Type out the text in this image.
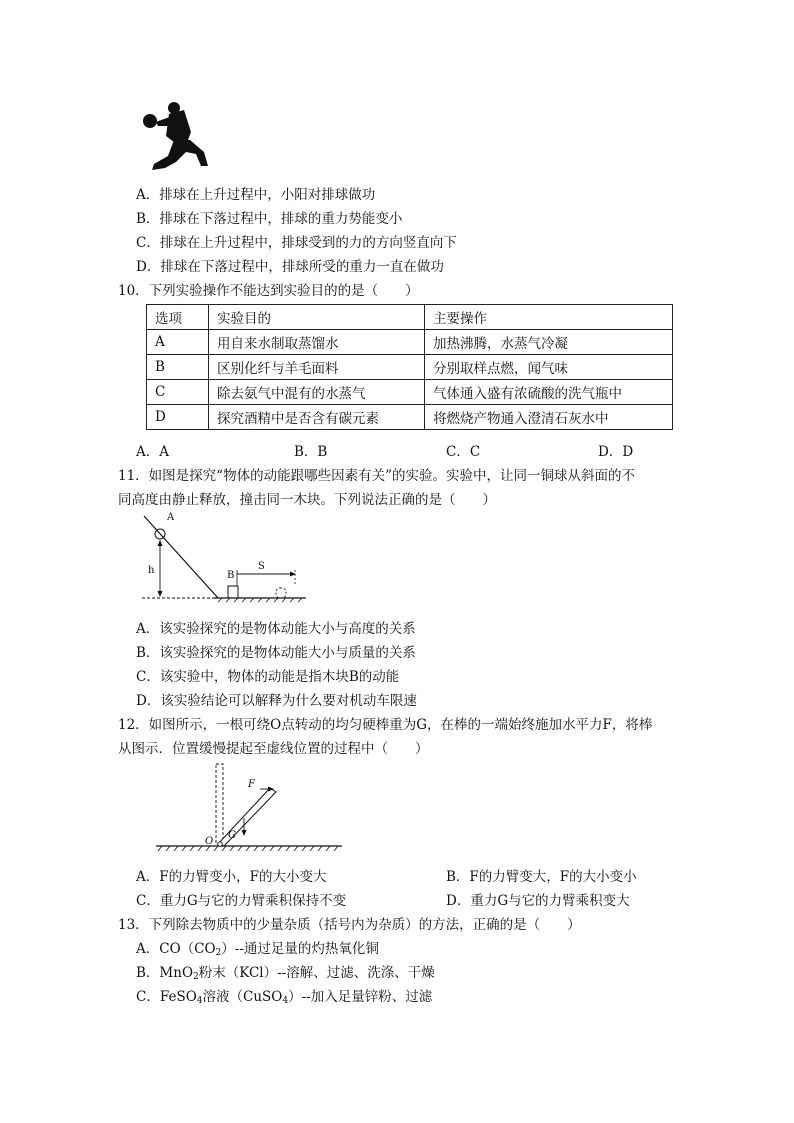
A．排球在上升过程中，小阳对排球做功
B．排球在下落过程中，排球的重力势能变小
C．排球在上升过程中，排球受到的力的方向竖直向下
D．排球在下落过程中，排球所受的重力一直在做功
10．下列实验操作不能达到实验目的的是（　　）
选项	实验目的	主要操作
A	用自来水制取蒸馏水	加热沸腾，水蒸气冷凝
B	区别化纤与羊毛面料	分别取样点燃，闻气味
C	除去氨气中混有的水蒸气	气体通入盛有浓硫酸的洗气瓶中
D	探究酒精中是否含有碳元素	将燃烧产物通入澄清石灰水中
A．A	B．B	C．C	D．D
11．如图是探究“物体的动能跟哪些因素有关”的实验。实验中，让同一铜球从斜面的不
同高度由静止释放，撞击同一木块。下列说法正确的是（　　）
A
h	B
S
A．该实验探究的是物体动能大小与高度的关系
B．该实验探究的是物体动能大小与质量的关系
C．该实验中，物体的动能是指木块B的动能
D．该实验结论可以解释为什么要对机动车限速
12．如图所示，一根可绕O点转动的均匀硬棒重为G，在棒的一端始终施加水平力F，将棒
从图示．位置缓慢提起至虚线位置的过程中（　　）
F
O
G
A．F的力臂变小，F的大小变大	B．F的力臂变大，F的大小变小
C．重力G与它的力臂乘积保持不变	D．重力G与它的力臂乘积变大
13．下列除去物质中的少量杂质（括号内为杂质）的方法，正确的是（　　）
A．$CO(CO_2)--$通过足量的灼热氧化铜
B．MnO$_2$粉末（KCl）--溶解、过滤、洗涤、干燥
C．FeSO$_4$溶液（CuSO$_4$）--加入足量锌粉、过滤
